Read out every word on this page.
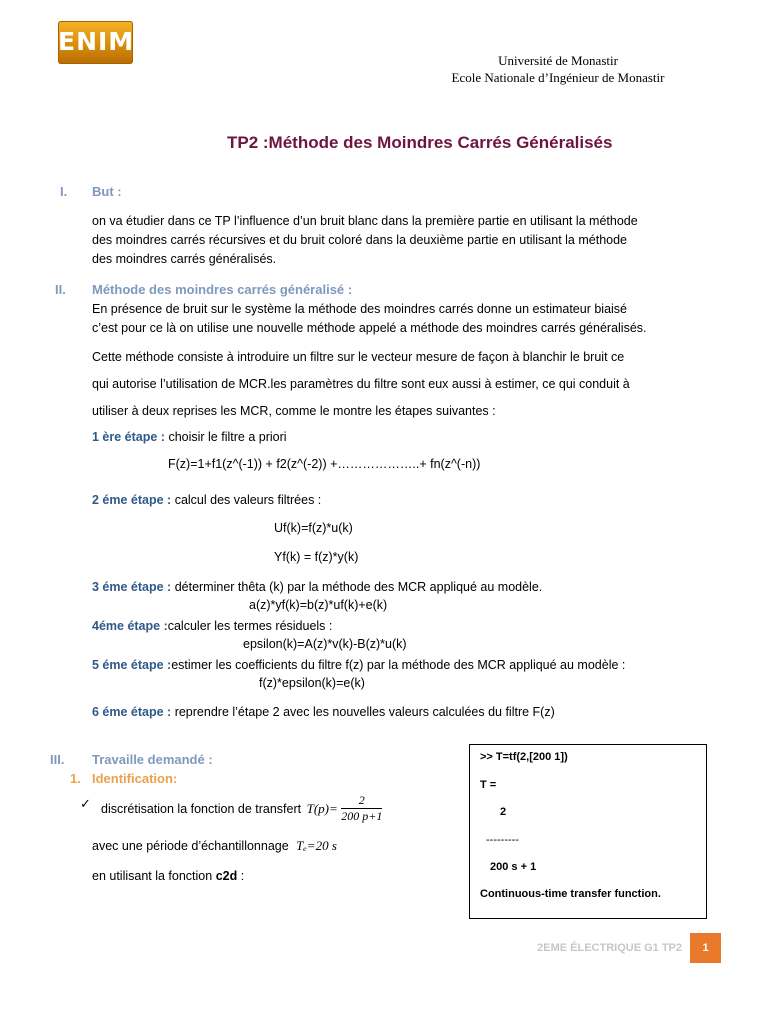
ENIM
Université de Monastir
Ecole Nationale d’Ingénieur de Monastir
TP2 :Méthode des Moindres Carrés Généralisés
I. But :
on va étudier dans ce TP l’influence d’un bruit blanc dans la première partie en utilisant la méthode
des moindres carrés récursives et du bruit coloré dans la deuxième partie en utilisant la méthode
des moindres carrés généralisés.
II. Méthode des moindres carrés généralisé :
En présence de bruit sur le système la méthode des moindres carrés donne un estimateur biaisé
c’est pour ce là on utilise une nouvelle méthode appelé a méthode des moindres carrés généralisés.
Cette méthode consiste à introduire un filtre sur le vecteur mesure de façon à blanchir le bruit ce
qui autorise l’utilisation de MCR.les paramètres du filtre sont eux aussi à estimer, ce qui conduit à
utiliser à deux reprises les MCR, comme le montre les étapes suivantes :
1 ère étape : choisir le filtre a priori
F(z)=1+f1(z^(-1)) + f2(z^(-2)) +………………..+ fn(z^(-n))
2 éme étape : calcul des valeurs filtrées :
Uf(k)=f(z)*u(k)
Yf(k) = f(z)*y(k)
3 éme étape : déterminer thêta (k) par la méthode des MCR appliqué au modèle.
a(z)*yf(k)=b(z)*uf(k)+e(k)
4éme étape :calculer les termes résiduels :
epsilon(k)=A(z)*v(k)-B(z)*u(k)
5 éme étape :estimer les coefficients du filtre f(z) par la méthode des MCR appliqué au modèle :
f(z)*epsilon(k)=e(k)
6 éme étape : reprendre l’étape 2 avec les nouvelles valeurs calculées du filtre F(z)
III. Travaille demandé :
1. Identification:
✓ discrétisation la fonction de transfert $T(p)= \frac{2}{200 p+1}$
avec une période d’échantillonnage Tₑ=20 s
en utilisant la fonction c2d :
>> T=tf(2,[200 1])
T =
2
---------
200 s + 1
Continuous-time transfer function.
2EME ÉLECTRIQUE G1 TP2	1
